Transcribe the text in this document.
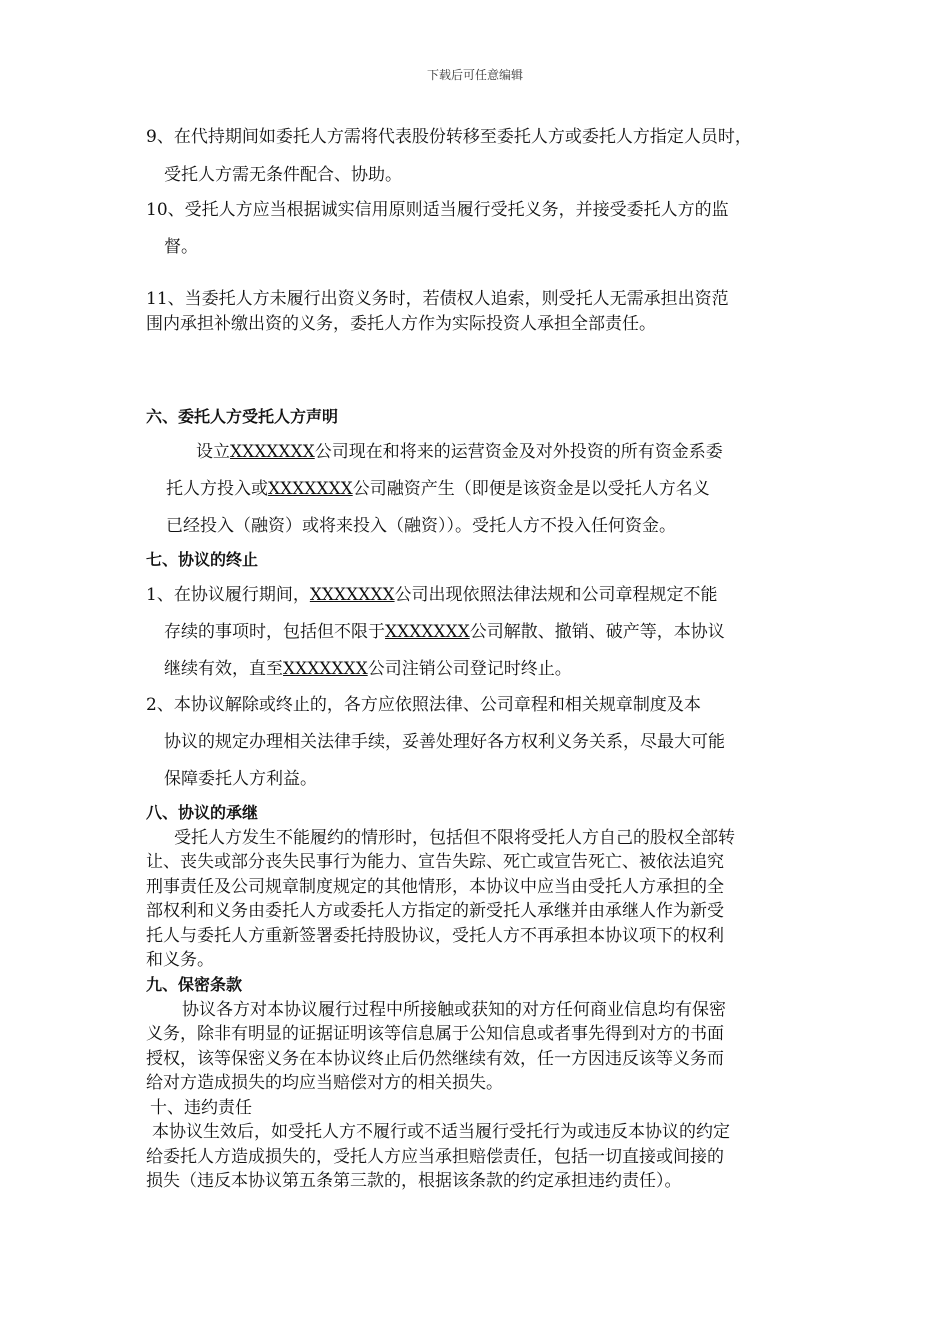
下载后可任意编辑
9、在代持期间如委托人方需将代表股份转移至委托人方或委托人方指定人员时，
受托人方需无条件配合、协助。
10、受托人方应当根据诚实信用原则适当履行受托义务，并接受委托人方的监
督。
11、当委托人方未履行出资义务时，若债权人追索，则受托人无需承担出资范
围内承担补缴出资的义务，委托人方作为实际投资人承担全部责任。
六、委托人方受托人方声明
设立XXXXXXX公司现在和将来的运营资金及对外投资的所有资金系委
托人方投入或XXXXXXX公司融资产生（即便是该资金是以受托人方名义
已经投入（融资）或将来投入（融资））。受托人方不投入任何资金。
七、协议的终止
1、在协议履行期间，XXXXXXX公司出现依照法律法规和公司章程规定不能
存续的事项时，包括但不限于XXXXXXX公司解散、撤销、破产等，本协议
继续有效，直至XXXXXXX公司注销公司登记时终止。
2、本协议解除或终止的，各方应依照法律、公司章程和相关规章制度及本
协议的规定办理相关法律手续，妥善处理好各方权利义务关系，尽最大可能
保障委托人方利益。
八、协议的承继
受托人方发生不能履约的情形时，包括但不限将受托人方自己的股权全部转
让、丧失或部分丧失民事行为能力、宣告失踪、死亡或宣告死亡、被依法追究
刑事责任及公司规章制度规定的其他情形，本协议中应当由受托人方承担的全
部权利和义务由委托人方或委托人方指定的新受托人承继并由承继人作为新受
托人与委托人方重新签署委托持股协议，受托人方不再承担本协议项下的权利
和义务。
九、保密条款
协议各方对本协议履行过程中所接触或获知的对方任何商业信息均有保密
义务，除非有明显的证据证明该等信息属于公知信息或者事先得到对方的书面
授权，该等保密义务在本协议终止后仍然继续有效，任一方因违反该等义务而
给对方造成损失的均应当赔偿对方的相关损失。
十、违约责任
本协议生效后，如受托人方不履行或不适当履行受托行为或违反本协议的约定
给委托人方造成损失的，受托人方应当承担赔偿责任，包括一切直接或间接的
损失（违反本协议第五条第三款的，根据该条款的约定承担违约责任）。
